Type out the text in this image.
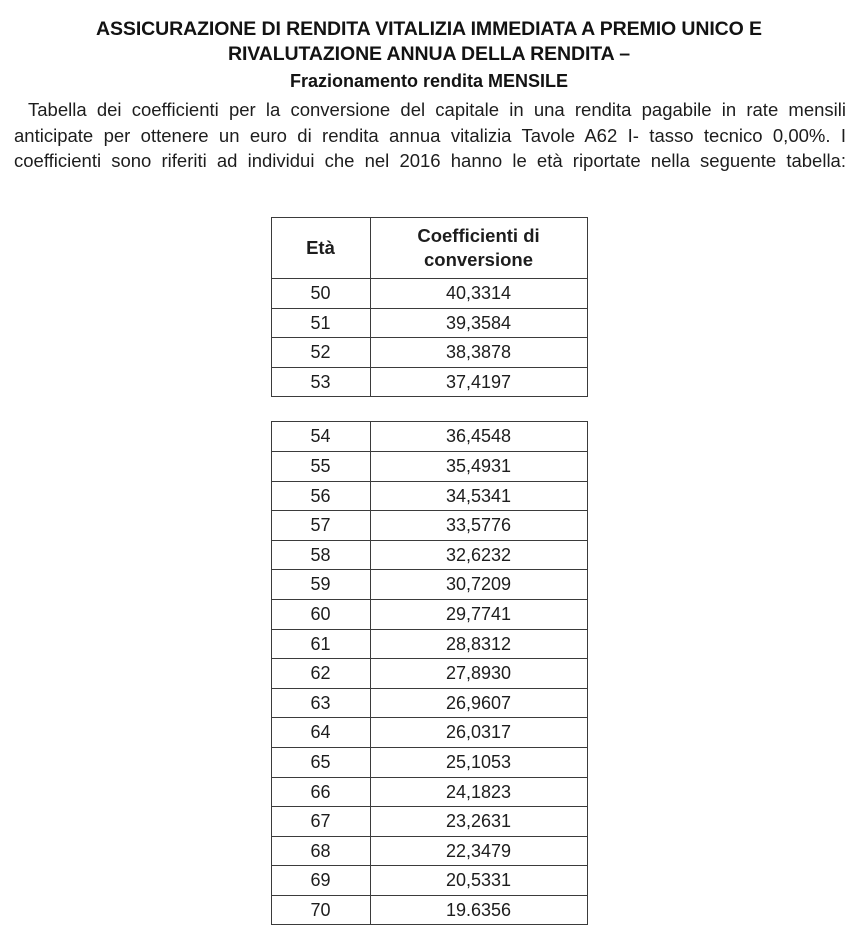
ASSICURAZIONE DI RENDITA VITALIZIA IMMEDIATA A PREMIO UNICO E
RIVALUTAZIONE ANNUA DELLA RENDITA –
Frazionamento rendita MENSILE

Tabella dei coefficienti per la conversione del capitale in una rendita pagabile in rate mensili anticipate per ottenere un euro di rendita annua vitalizia Tavole A62 I- tasso tecnico 0,00%. I coefficienti sono riferiti ad individui che nel 2016 hanno le età riportate nella seguente tabella:

Età	Coefficienti di conversione
50	40,3314
51	39,3584
52	38,3878
53	37,4197
54	36,4548
55	35,4931
56	34,5341
57	33,5776
58	32,6232
59	30,7209
60	29,7741
61	28,8312
62	27,8930
63	26,9607
64	26,0317
65	25,1053
66	24,1823
67	23,2631
68	22,3479
69	20,5331
70	19.6356
